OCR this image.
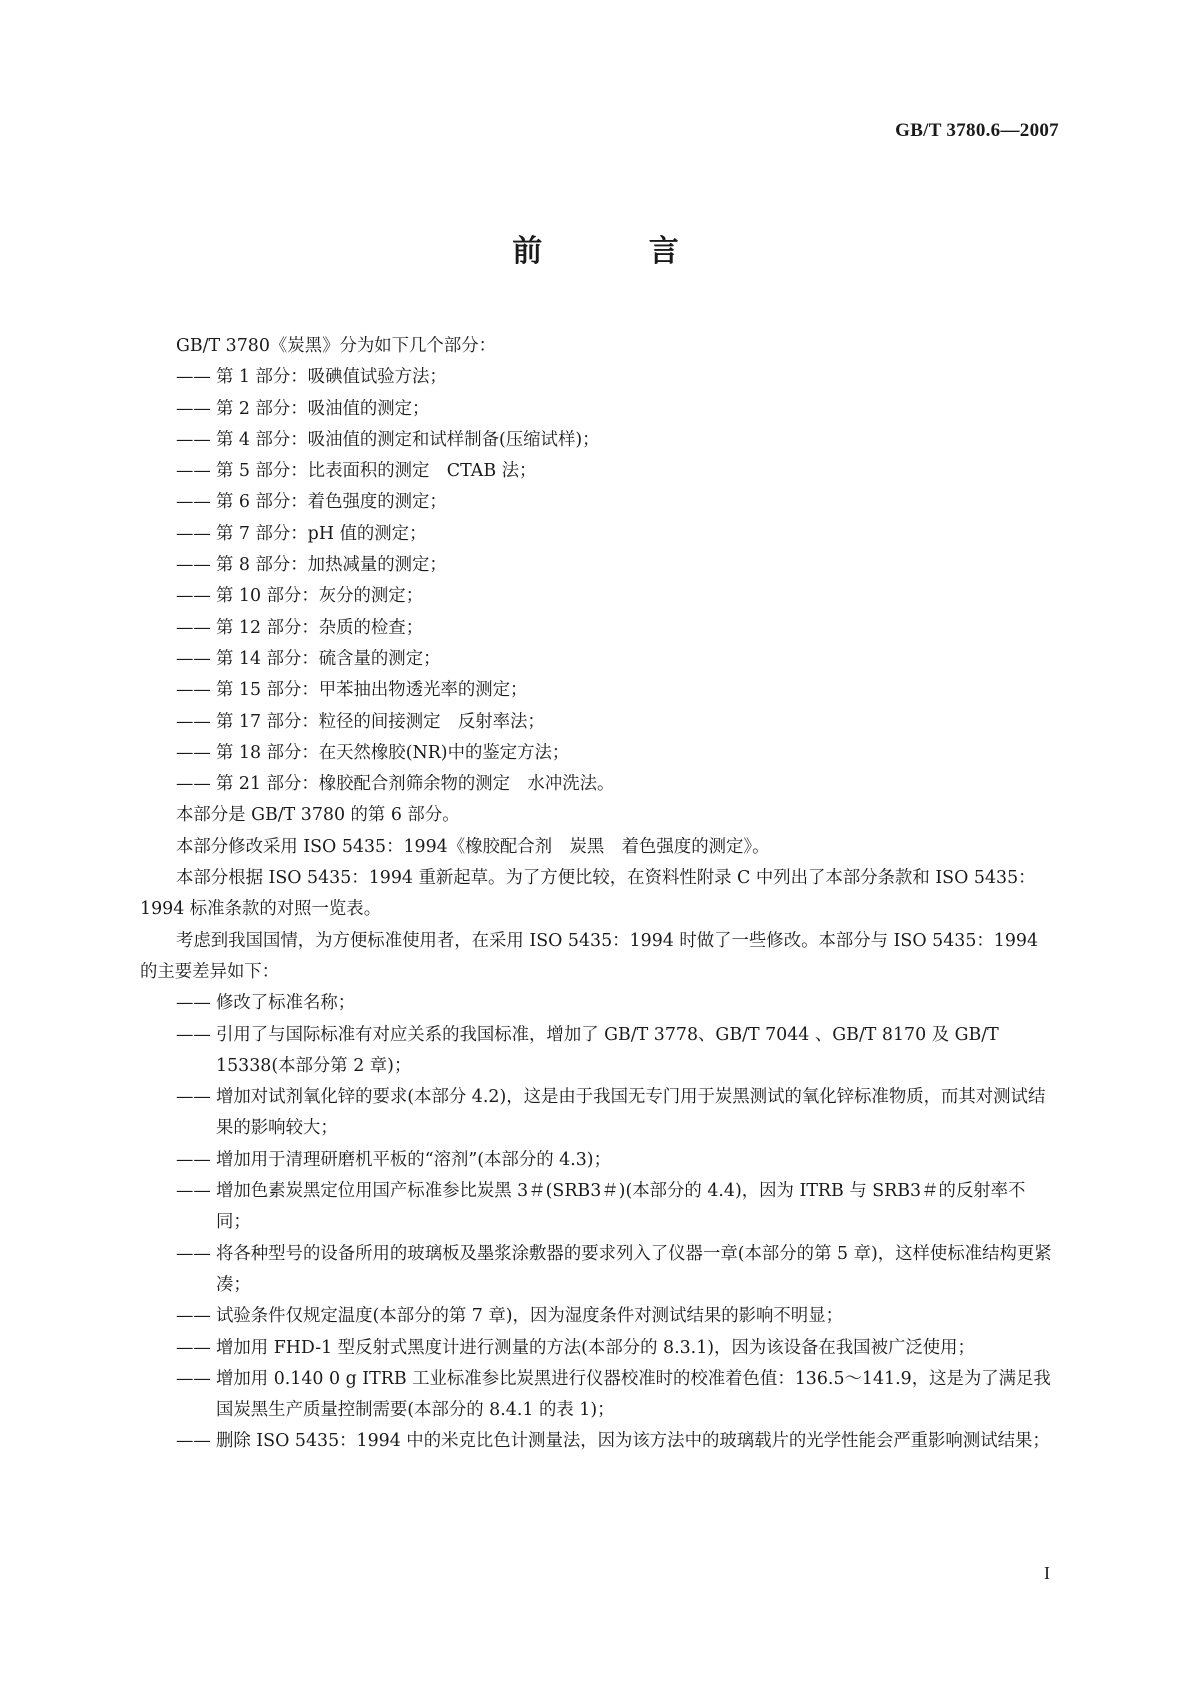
GB/T 3780.6—2007
前 言

GB/T 3780《炭黑》分为如下几个部分：

—— 第 1 部分：吸碘值试验方法；

—— 第 2 部分：吸油值的测定；

—— 第 4 部分：吸油值的测定和试样制备(压缩试样)；

—— 第 5 部分：比表面积的测定　CTAB 法；

—— 第 6 部分：着色强度的测定；

—— 第 7 部分：pH 值的测定；

—— 第 8 部分：加热减量的测定；

—— 第 10 部分：灰分的测定；

—— 第 12 部分：杂质的检查；

—— 第 14 部分：硫含量的测定；

—— 第 15 部分：甲苯抽出物透光率的测定；

—— 第 17 部分：粒径的间接测定　反射率法；

—— 第 18 部分：在天然橡胶(NR)中的鉴定方法；

—— 第 21 部分：橡胶配合剂筛余物的测定　水冲洗法。

本部分是 GB/T 3780 的第 6 部分。

本部分修改采用 ISO 5435：1994《橡胶配合剂　炭黑　着色强度的测定》。

本部分根据 ISO 5435：1994 重新起草。为了方便比较，在资料性附录 C 中列出了本部分条款和 ISO 5435：1994 标准条款的对照一览表。

考虑到我国国情，为方便标准使用者，在采用 ISO 5435：1994 时做了一些修改。本部分与 ISO 5435：1994 的主要差异如下：

—— 修改了标准名称；

—— 引用了与国际标准有对应关系的我国标准，增加了 GB/T 3778、GB/T 7044 、GB/T 8170 及 GB/T 15338(本部分第 2 章)；

—— 增加对试剂氧化锌的要求(本部分 4.2)，这是由于我国无专门用于炭黑测试的氧化锌标准物质，而其对测试结果的影响较大；

—— 增加用于清理研磨机平板的“溶剂”(本部分的 4.3)；

—— 增加色素炭黑定位用国产标准参比炭黑 3＃(SRB3＃)(本部分的 4.4)，因为 ITRB 与 SRB3＃的反射率不同；

—— 将各种型号的设备所用的玻璃板及墨浆涂敷器的要求列入了仪器一章(本部分的第 5 章)，这样使标准结构更紧凑；

—— 试验条件仅规定温度(本部分的第 7 章)，因为湿度条件对测试结果的影响不明显；

—— 增加用 FHD-1 型反射式黑度计进行测量的方法(本部分的 8.3.1)，因为该设备在我国被广泛使用；

—— 增加用 0.140 0 g ITRB 工业标准参比炭黑进行仪器校准时的校准着色值：136.5～141.9，这是为了满足我国炭黑生产质量控制需要(本部分的 8.4.1 的表 1)；

—— 删除 ISO 5435：1994 中的米克比色计测量法，因为该方法中的玻璃载片的光学性能会严重影响测试结果；

I
